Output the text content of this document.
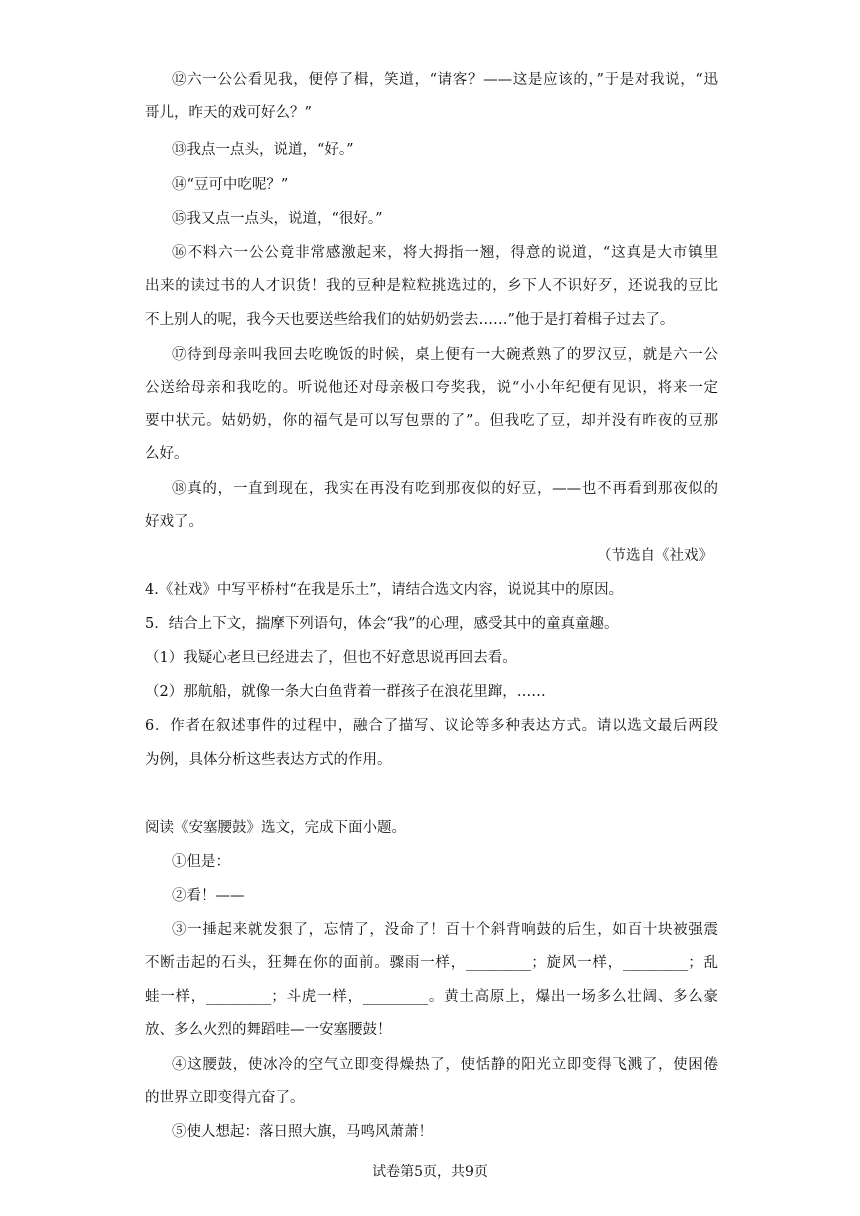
⑫六一公公看见我，便停了楫，笑道，“请客？——这是应该的，”于是对我说，“迅
哥儿，昨天的戏可好么？”
⑬我点一点头，说道，“好。”
⑭“豆可中吃呢？”
⑮我又点一点头，说道，“很好。”
⑯不料六一公公竟非常感激起来，将大拇指一翘，得意的说道，“这真是大市镇里
出来的读过书的人才识货！我的豆种是粒粒挑选过的，乡下人不识好歹，还说我的豆比
不上别人的呢，我今天也要送些给我们的姑奶奶尝去……”他于是打着楫子过去了。
⑰待到母亲叫我回去吃晚饭的时候，桌上便有一大碗煮熟了的罗汉豆，就是六一公
公送给母亲和我吃的。听说他还对母亲极口夸奖我，说“小小年纪便有见识，将来一定
要中状元。姑奶奶，你的福气是可以写包票的了”。但我吃了豆，却并没有昨夜的豆那
么好。
⑱真的，一直到现在，我实在再没有吃到那夜似的好豆，——也不再看到那夜似的
好戏了。
（节选自《社戏》
4.《社戏》中写平桥村“在我是乐土”，请结合选文内容，说说其中的原因。
5．结合上下文，揣摩下列语句，体会“我”的心理，感受其中的童真童趣。
（1）我疑心老旦已经进去了，但也不好意思说再回去看。
（2）那航船，就像一条大白鱼背着一群孩子在浪花里蹿，……
6．作者在叙述事件的过程中，融合了描写、议论等多种表达方式。请以选文最后两段
为例，具体分析这些表达方式的作用。
阅读《安塞腰鼓》选文，完成下面小题。
①但是：
②看！——
③一捶起来就发狠了，忘情了，没命了！百十个斜背响鼓的后生，如百十块被强震
不断击起的石头，狂舞在你的面前。骤雨一样，_________；旋风一样，_________；乱
蛙一样，_________；斗虎一样，_________。黄土高原上，爆出一场多么壮阔、多么豪
放、多么火烈的舞蹈哇—一安塞腰鼓！
④这腰鼓，使冰冷的空气立即变得燥热了，使恬静的阳光立即变得飞溅了，使困倦
的世界立即变得亢奋了。
⑤使人想起：落日照大旗，马鸣风萧萧！
试卷第5页，共9页
